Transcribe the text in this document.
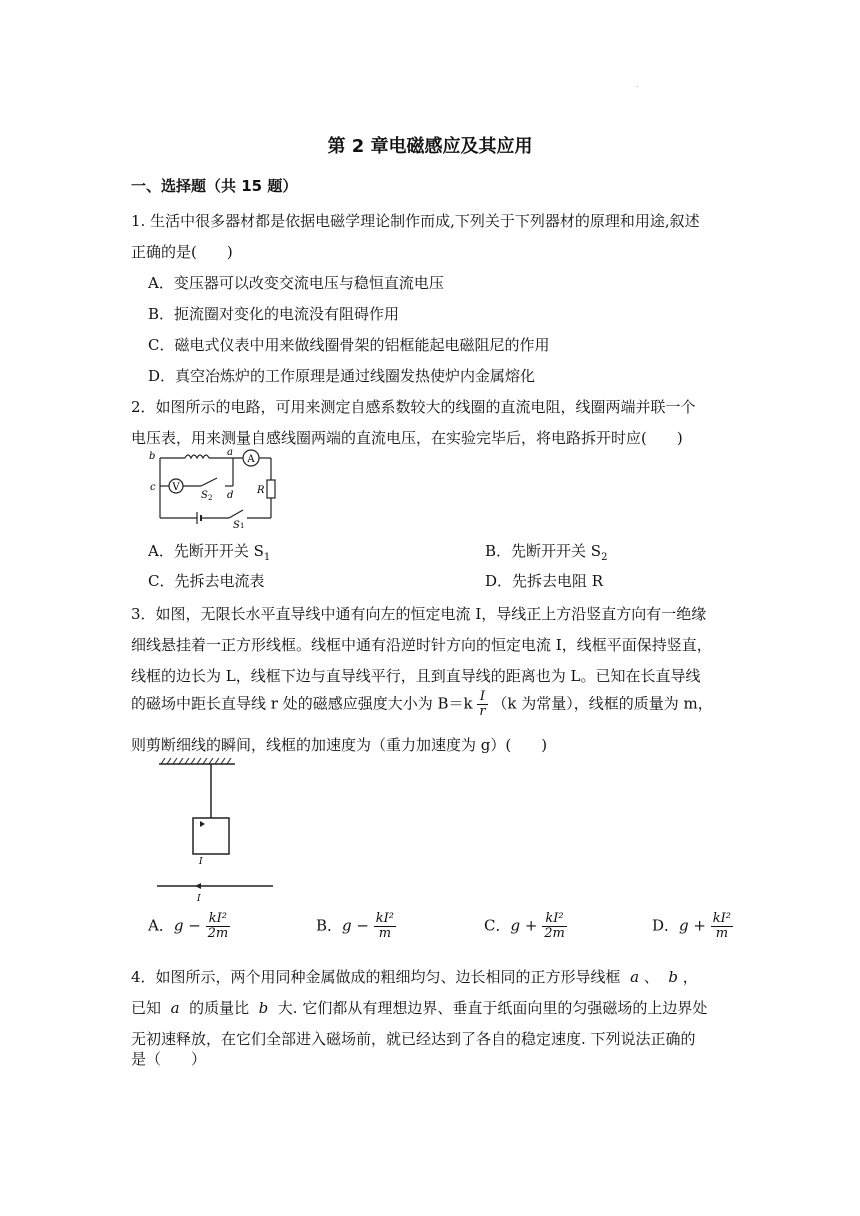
.
第 2 章电磁感应及其应用
一、选择题（共 15 题）
1. 生活中很多器材都是依据电磁学理论制作而成,下列关于下列器材的原理和用途,叙述
正确的是(　　)
A．变压器可以改变交流电压与稳恒直流电压
B．扼流圈对变化的电流没有阻碍作用
C．磁电式仪表中用来做线圈骨架的铝框能起电磁阻尼的作用
D．真空冶炼炉的工作原理是通过线圈发热使炉内金属熔化
2．如图所示的电路，可用来测定自感系数较大的线圈的直流电阻，线圈两端并联一个
电压表，用来测量自感线圈两端的直流电压，在实验完毕后，将电路拆开时应(　　)
A
R
b	a
V
c
S 2 d
S 1
A．先断开开关 $S_1$	B．先断开开关 $S_2$
C．先拆去电流表	D．先拆去电阻 R
3．如图，无限长水平直导线中通有向左的恒定电流 I，导线正上方沿竖直方向有一绝缘
细线悬挂着一正方形线框。线框中通有沿逆时针方向的恒定电流 I，线框平面保持竖直，
线框的边长为 L，线框下边与直导线平行，且到直导线的距离也为 L。已知在长直导线
的磁场中距长直导线 r 处的磁感应强度大小为 $B=k \frac{I}{r} (k$ 为常量），线框的质量为 m，
则剪断细线的瞬间，线框的加速度为（重力加速度为 g）(　　)
I
I
A．$g - \frac{\text{kI²}}{2m}$	B．$g - \frac{\text{kI²}}{m}$	C．$g + \frac{\text{kI²}}{2m}$	D．$g + \frac{\text{kI²}}{m}$
4．如图所示，两个用同种金属做成的粗细均匀、边长相同的正方形导线框 a 、 b ，
已知 a 的质量比 b 大. 它们都从有理想边界、垂直于纸面向里的匀强磁场的上边界处
无初速释放，在它们全部进入磁场前，就已经达到了各自的稳定速度. 下列说法正确的
是（　　）
